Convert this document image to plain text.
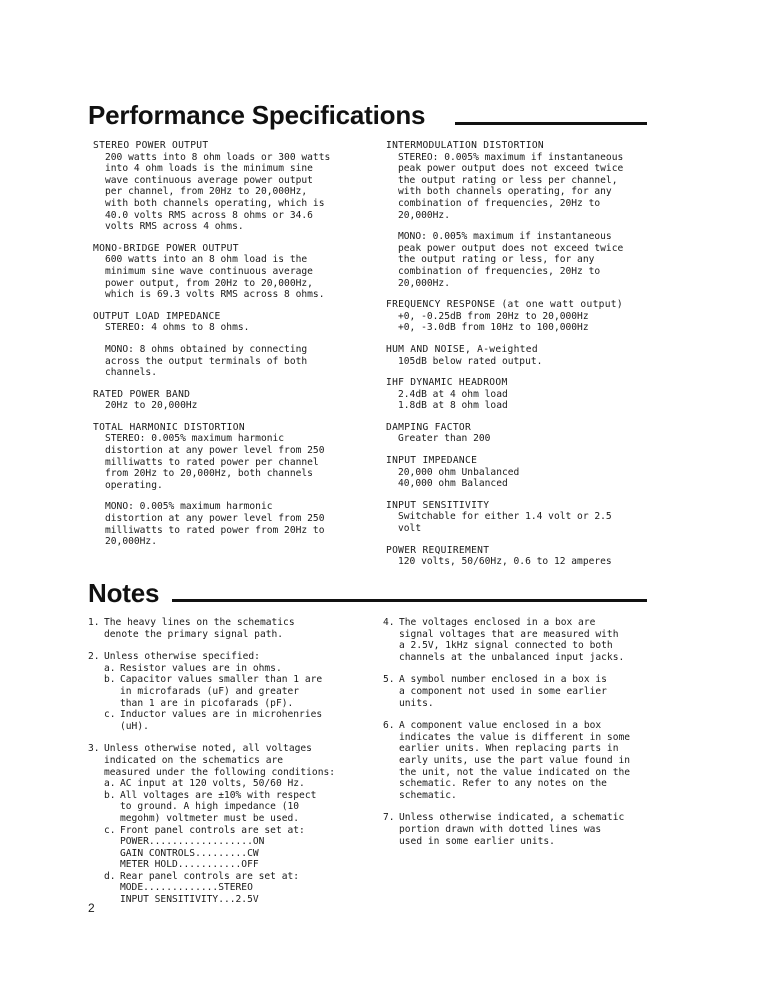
Performance Specifications
STEREO POWER OUTPUT
200 watts into 8 ohm loads or 300 watts
into 4 ohm loads is the minimum sine
wave continuous average power output
per channel, from 20Hz to 20,000Hz,
with both channels operating, which is
40.0 volts RMS across 8 ohms or 34.6
volts RMS across 4 ohms.
MONO-BRIDGE POWER OUTPUT
600 watts into an 8 ohm load is the
minimum sine wave continuous average
power output, from 20Hz to 20,000Hz,
which is 69.3 volts RMS across 8 ohms.
OUTPUT LOAD IMPEDANCE
STEREO: 4 ohms to 8 ohms.
MONO: 8 ohms obtained by connecting
across the output terminals of both
channels.
RATED POWER BAND
20Hz to 20,000Hz
TOTAL HARMONIC DISTORTION
STEREO: 0.005% maximum harmonic
distortion at any power level from 250
milliwatts to rated power per channel
from 20Hz to 20,000Hz, both channels
operating.
MONO: 0.005% maximum harmonic
distortion at any power level from 250
milliwatts to rated power from 20Hz to
20,000Hz.
INTERMODULATION DISTORTION
STEREO: 0.005% maximum if instantaneous
peak power output does not exceed twice
the output rating or less per channel,
with both channels operating, for any
combination of frequencies, 20Hz to
20,000Hz.
MONO: 0.005% maximum if instantaneous
peak power output does not exceed twice
the output rating or less, for any
combination of frequencies, 20Hz to
20,000Hz.
FREQUENCY RESPONSE (at one watt output)
+0, -0.25dB from 20Hz to 20,000Hz
+0, -3.0dB from 10Hz to 100,000Hz
HUM AND NOISE, A-weighted
105dB below rated output.
IHF DYNAMIC HEADROOM
2.4dB at 4 ohm load
1.8dB at 8 ohm load
DAMPING FACTOR
Greater than 200
INPUT IMPEDANCE
20,000 ohm Unbalanced
40,000 ohm Balanced
INPUT SENSITIVITY
Switchable for either 1.4 volt or 2.5
volt
POWER REQUIREMENT
120 volts, 50/60Hz, 0.6 to 12 amperes
Notes
1. The heavy lines on the schematics
denote the primary signal path.
2. Unless otherwise specified:
a. Resistor values are in ohms.
b. Capacitor values smaller than 1 are
in microfarads (uF) and greater
than 1 are in picofarads (pF).
c. Inductor values are in microhenries
(uH).
3. Unless otherwise noted, all voltages
indicated on the schematics are
measured under the following conditions:
a. AC input at 120 volts, 50/60 Hz.
b. All voltages are ±10% with respect
to ground. A high impedance (10
megohm) voltmeter must be used.
c. Front panel controls are set at:
POWER..................ON
GAIN CONTROLS.........CW
METER HOLD...........OFF
d. Rear panel controls are set at:
MODE.............STEREO
INPUT SENSITIVITY...2.5V
4. The voltages enclosed in a box are
signal voltages that are measured with
a 2.5V, 1kHz signal connected to both
channels at the unbalanced input jacks.
5. A symbol number enclosed in a box is
a component not used in some earlier
units.
6. A component value enclosed in a box
indicates the value is different in some
earlier units. When replacing parts in
early units, use the part value found in
the unit, not the value indicated on the
schematic. Refer to any notes on the
schematic.
7. Unless otherwise indicated, a schematic
portion drawn with dotted lines was
used in some earlier units.
2
